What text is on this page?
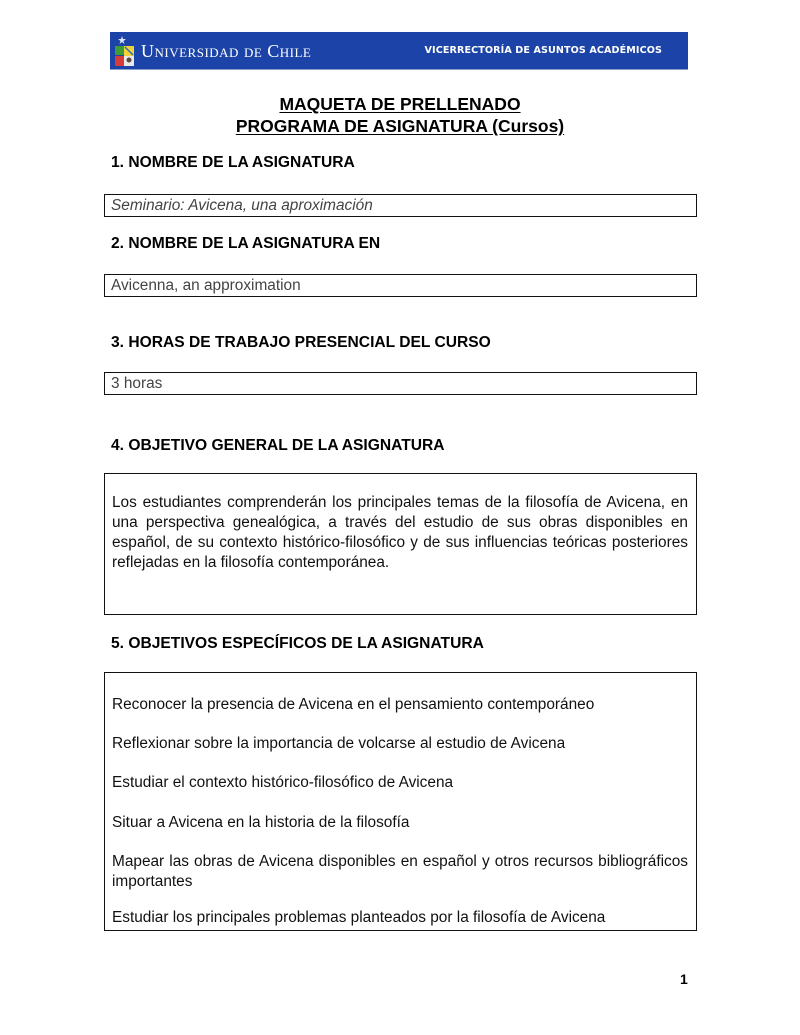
Universidad de Chile	VICERRECTORÍA DE ASUNTOS ACADÉMICOS
MAQUETA DE PRELLENADO
PROGRAMA DE ASIGNATURA (Cursos)
1. NOMBRE DE LA ASIGNATURA
Seminario: Avicena, una aproximación
2. NOMBRE DE LA ASIGNATURA EN
Avicenna, an approximation
3. HORAS DE TRABAJO PRESENCIAL DEL CURSO
3 horas
4. OBJETIVO GENERAL DE LA ASIGNATURA
Los estudiantes comprenderán los principales temas de la filosofía de Avicena, en una perspectiva genealógica, a través del estudio de sus obras disponibles en español, de su contexto histórico-filosófico y de sus influencias teóricas posteriores reflejadas en la filosofía contemporánea.
5. OBJETIVOS ESPECÍFICOS DE LA ASIGNATURA
Reconocer la presencia de Avicena en el pensamiento contemporáneo
Reflexionar sobre la importancia de volcarse al estudio de Avicena
Estudiar el contexto histórico-filosófico de Avicena
Situar a Avicena en la historia de la filosofía
Mapear las obras de Avicena disponibles en español y otros recursos bibliográficos importantes
Estudiar los principales problemas planteados por la filosofía de Avicena
1
